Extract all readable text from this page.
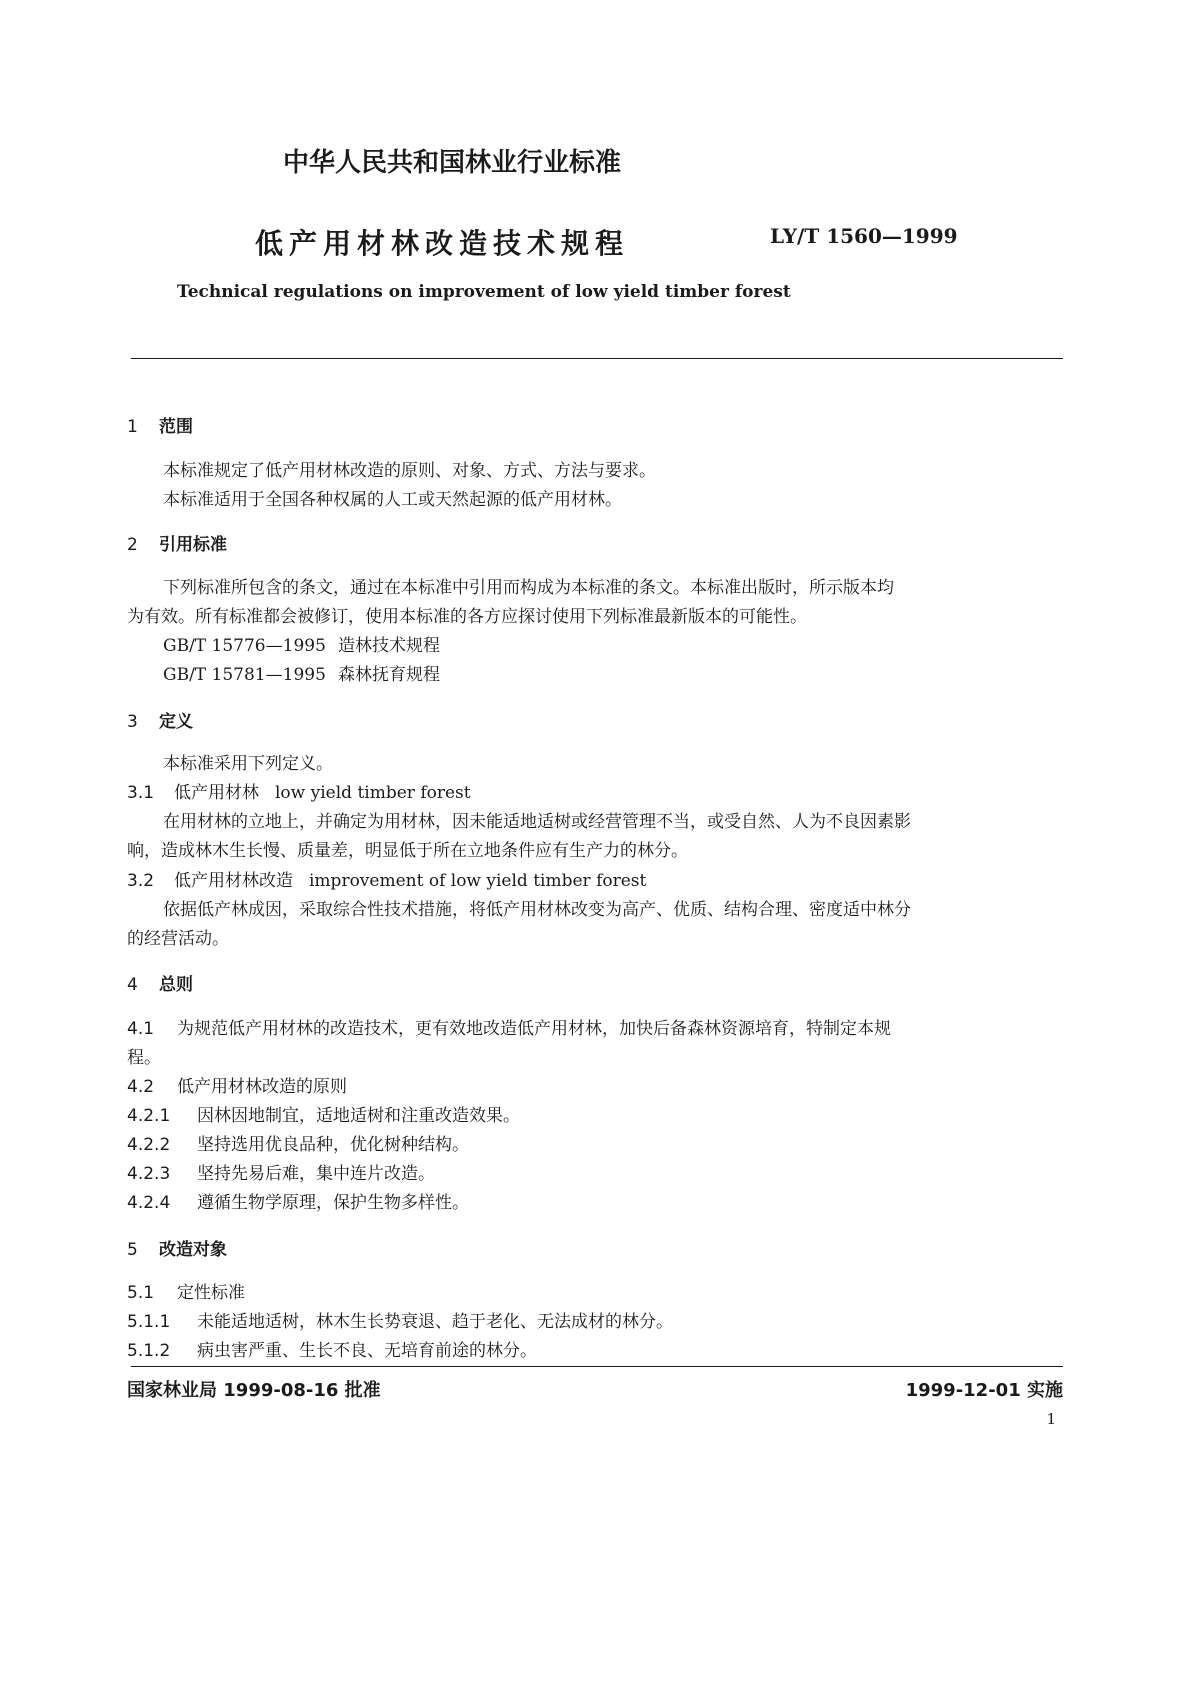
中华人民共和国林业行业标准
低产用材林改造技术规程	LY/T 1560—1999
Technical regulations on improvement of low yield timber forest
1 范围
本标准规定了低产用材林改造的原则、对象、方式、方法与要求。
本标准适用于全国各种权属的人工或天然起源的低产用材林。
2 引用标准
下列标准所包含的条文，通过在本标准中引用而构成为本标准的条文。本标准出版时，所示版本均
为有效。所有标准都会被修订，使用本标准的各方应探讨使用下列标准最新版本的可能性。
GB/T 15776—1995 造林技术规程
GB/T 15781—1995 森林抚育规程
3 定义
本标准采用下列定义。
3.1 低产用材林 low yield timber forest
在用材林的立地上，并确定为用材林，因未能适地适树或经营管理不当，或受自然、人为不良因素影
响，造成林木生长慢、质量差，明显低于所在立地条件应有生产力的林分。
3.2 低产用材林改造 improvement of low yield timber forest
依据低产林成因，采取综合性技术措施，将低产用材林改变为高产、优质、结构合理、密度适中林分
的经营活动。
4 总则
4.1 为规范低产用材林的改造技术，更有效地改造低产用材林，加快后备森林资源培育，特制定本规
程。
4.2 低产用材林改造的原则
4.2.1 因林因地制宜，适地适树和注重改造效果。
4.2.2 坚持选用优良品种，优化树种结构。
4.2.3 坚持先易后难，集中连片改造。
4.2.4 遵循生物学原理，保护生物多样性。
5 改造对象
5.1 定性标准
5.1.1 未能适地适树，林木生长势衰退、趋于老化、无法成材的林分。
5.1.2 病虫害严重、生长不良、无培育前途的林分。
国家林业局 1999-08-16 批准	1999-12-01 实施
1
